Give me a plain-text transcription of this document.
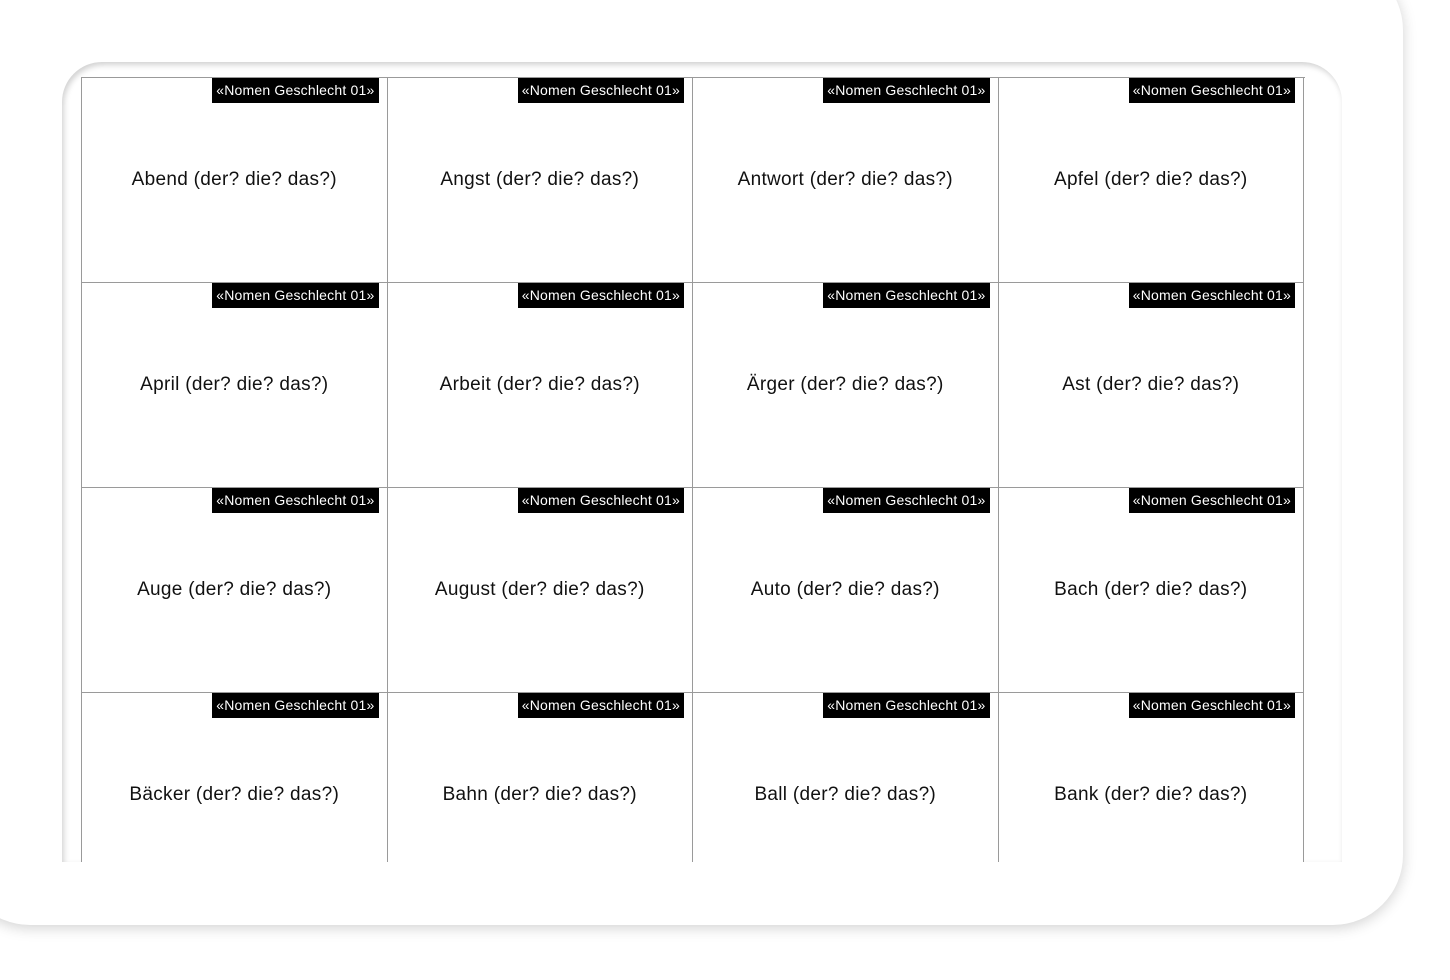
«Nomen Geschlecht 01»
Abend (der? die? das?)
«Nomen Geschlecht 01»
Angst (der? die? das?)
«Nomen Geschlecht 01»
Antwort (der? die? das?)
«Nomen Geschlecht 01»
Apfel (der? die? das?)
«Nomen Geschlecht 01»
April (der? die? das?)
«Nomen Geschlecht 01»
Arbeit (der? die? das?)
«Nomen Geschlecht 01»
Ärger (der? die? das?)
«Nomen Geschlecht 01»
Ast (der? die? das?)
«Nomen Geschlecht 01»
Auge (der? die? das?)
«Nomen Geschlecht 01»
August (der? die? das?)
«Nomen Geschlecht 01»
Auto (der? die? das?)
«Nomen Geschlecht 01»
Bach (der? die? das?)
«Nomen Geschlecht 01»
Bäcker (der? die? das?)
«Nomen Geschlecht 01»
Bahn (der? die? das?)
«Nomen Geschlecht 01»
Ball (der? die? das?)
«Nomen Geschlecht 01»
Bank (der? die? das?)
